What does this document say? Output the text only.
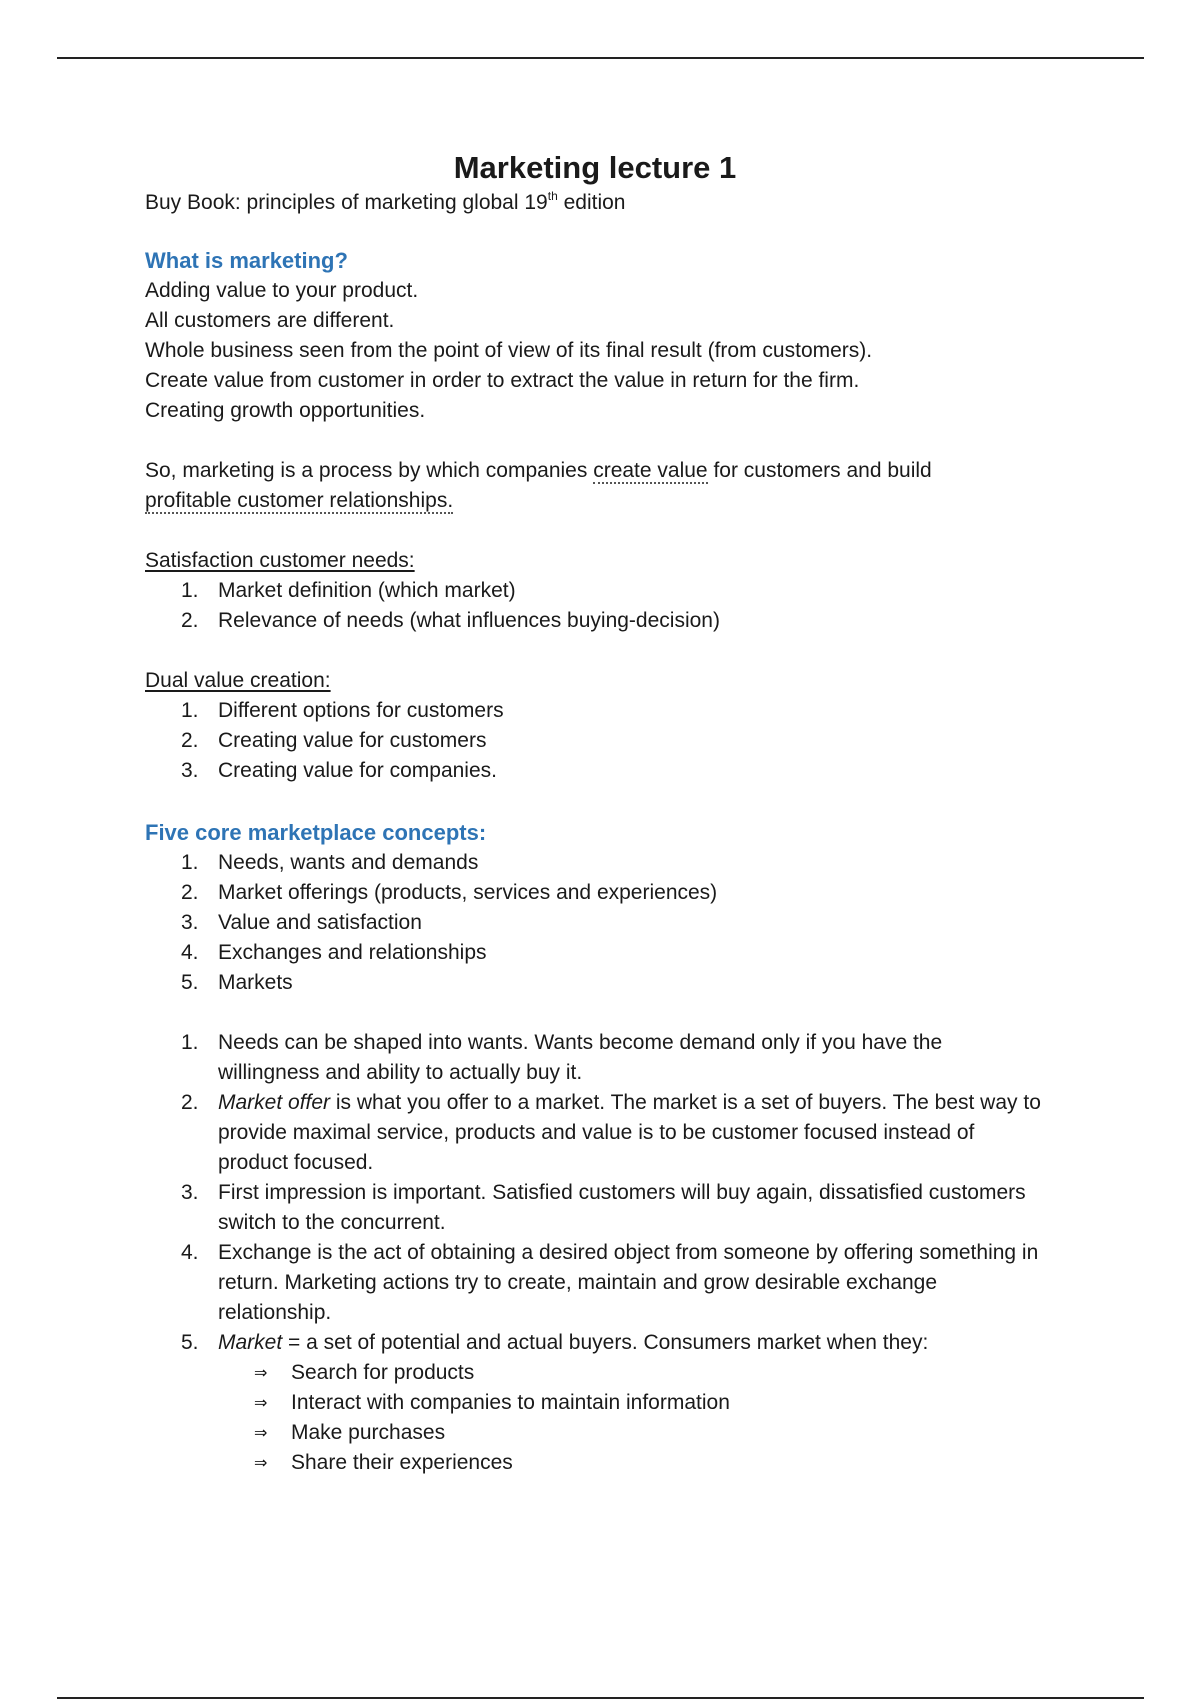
Marketing lecture 1
Buy Book: principles of marketing global 19th edition
What is marketing?
Adding value to your product.
All customers are different.
Whole business seen from the point of view of its final result (from customers).
Create value from customer in order to extract the value in return for the firm.
Creating growth opportunities.
So, marketing is a process by which companies create value for customers and build
profitable customer relationships.
Satisfaction customer needs:
1. Market definition (which market)
2. Relevance of needs (what influences buying-decision)
Dual value creation:
1. Different options for customers
2. Creating value for customers
3. Creating value for companies.
Five core marketplace concepts:
1. Needs, wants and demands
2. Market offerings (products, services and experiences)
3. Value and satisfaction
4. Exchanges and relationships
5. Markets
1. Needs can be shaped into wants. Wants become demand only if you have the willingness and ability to actually buy it.
2. Market offer is what you offer to a market. The market is a set of buyers. The best way to provide maximal service, products and value is to be customer focused instead of product focused.
3. First impression is important. Satisfied customers will buy again, dissatisfied customers switch to the concurrent.
4. Exchange is the act of obtaining a desired object from someone by offering something in return. Marketing actions try to create, maintain and grow desirable exchange relationship.
5. Market = a set of potential and actual buyers. Consumers market when they:
⇒ Search for products
⇒ Interact with companies to maintain information
⇒ Make purchases
⇒ Share their experiences
